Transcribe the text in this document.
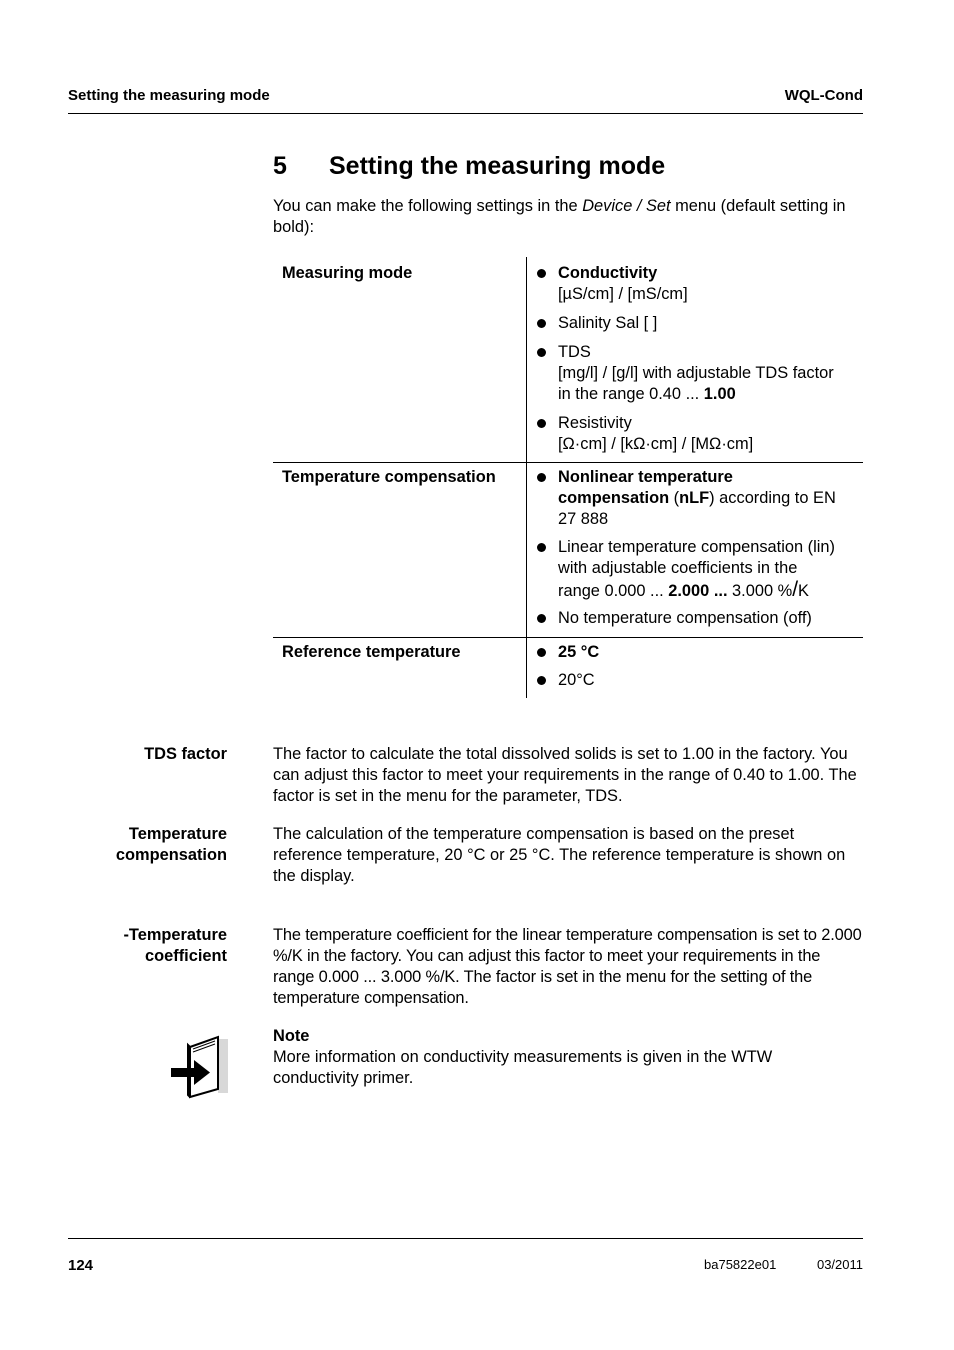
Setting the measuring mode	WQL-Cond
5 Setting the measuring mode
You can make the following settings in the Device / Set menu (default setting in bold):
Measuring mode	Conductivity
[µS/cm] / [mS/cm]
Salinity Sal [ ]
TDS
[mg/l] / [g/l] with adjustable TDS factor
in the range 0.40 ... 1.00
Resistivity
[Ω·cm] / [kΩ·cm] / [MΩ·cm]
Temperature compensation	Nonlinear temperature
compensation (nLF) according to EN
27 888
Linear temperature compensation (lin)
with adjustable coefficients in the
range 0.000 ... 2.000 ... 3.000 %/K
No temperature compensation (off)
Reference temperature	25 °C
20°C
TDS factor	The factor to calculate the total dissolved solids is set to 1.00 in the factory. You can adjust this factor to meet your requirements in the range of 0.40 to 1.00. The factor is set in the menu for the parameter, TDS.
Temperature
compensation
The calculation of the temperature compensation is based on the preset reference temperature, 20 °C or 25 °C. The reference temperature is shown on the display.
-Temperature
coefficient
The temperature coefficient for the linear temperature compensation is set to 2.000 %/K in the factory. You can adjust this factor to meet your requirements in the range 0.000 ... 3.000 %/K. The factor is set in the menu for the setting of the temperature compensation.
Note
More information on conductivity measurements is given in the WTW conductivity primer.
124	ba75822e01	03/2011
